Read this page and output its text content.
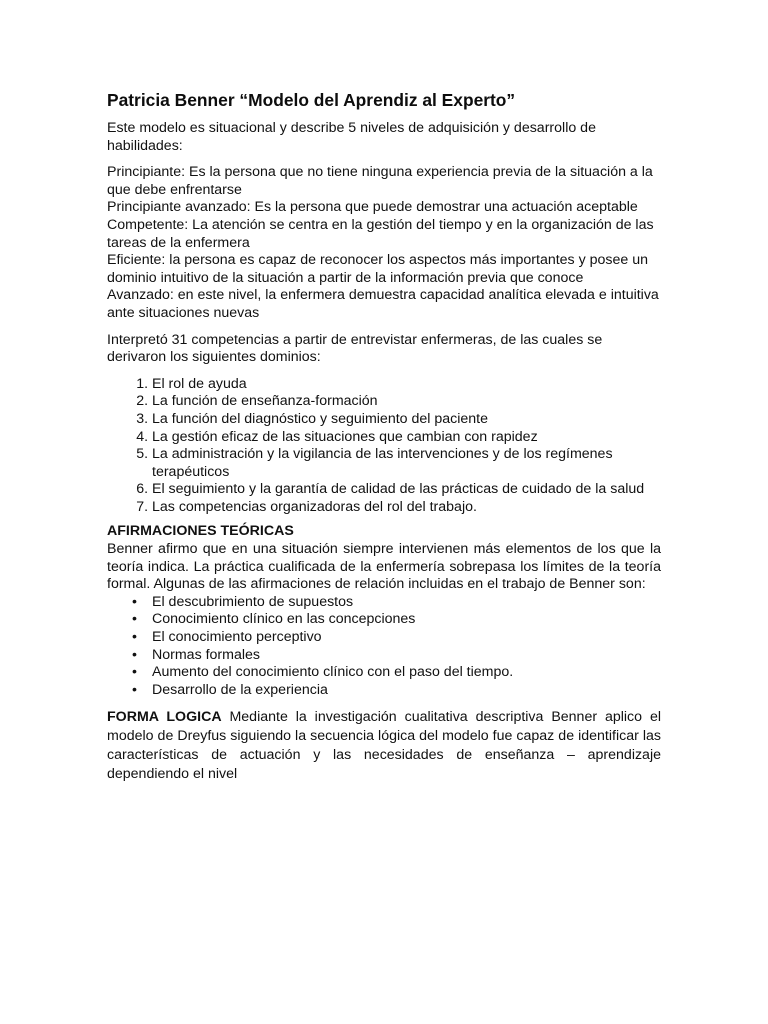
Patricia Benner “Modelo del Aprendiz al Experto”

Este modelo es situacional y describe 5 niveles de adquisición y desarrollo de habilidades:

Principiante: Es la persona que no tiene ninguna experiencia previa de la situación a la que debe enfrentarse

Principiante avanzado: Es la persona que puede demostrar una actuación aceptable

Competente: La atención se centra en la gestión del tiempo y en la organización de las tareas de la enfermera

Eficiente: la persona es capaz de reconocer los aspectos más importantes y posee un dominio intuitivo de la situación a partir de la información previa que conoce

Avanzado: en este nivel, la enfermera demuestra capacidad analítica elevada e intuitiva ante situaciones nuevas

Interpretó 31 competencias a partir de entrevistar enfermeras, de las cuales se derivaron los siguientes dominios:

1. El rol de ayuda
2. La función de enseñanza-formación
3. La función del diagnóstico y seguimiento del paciente
4. La gestión eficaz de las situaciones que cambian con rapidez
5. La administración y la vigilancia de las intervenciones y de los regímenes terapéuticos
6. El seguimiento y la garantía de calidad de las prácticas de cuidado de la salud
7. Las competencias organizadoras del rol del trabajo.

AFIRMACIONES TEÓRICAS

Benner afirmo que en una situación siempre intervienen más elementos de los que la teoría indica. La práctica cualificada de la enfermería sobrepasa los límites de la teoría formal. Algunas de las afirmaciones de relación incluidas en el trabajo de Benner son:

• El descubrimiento de supuestos
• Conocimiento clínico en las concepciones
• El conocimiento perceptivo
• Normas formales
• Aumento del conocimiento clínico con el paso del tiempo.
• Desarrollo de la experiencia

FORMA LOGICA Mediante la investigación cualitativa descriptiva Benner aplico el modelo de Dreyfus siguiendo la secuencia lógica del modelo fue capaz de identificar las características de actuación y las necesidades de enseñanza – aprendizaje dependiendo el nivel
